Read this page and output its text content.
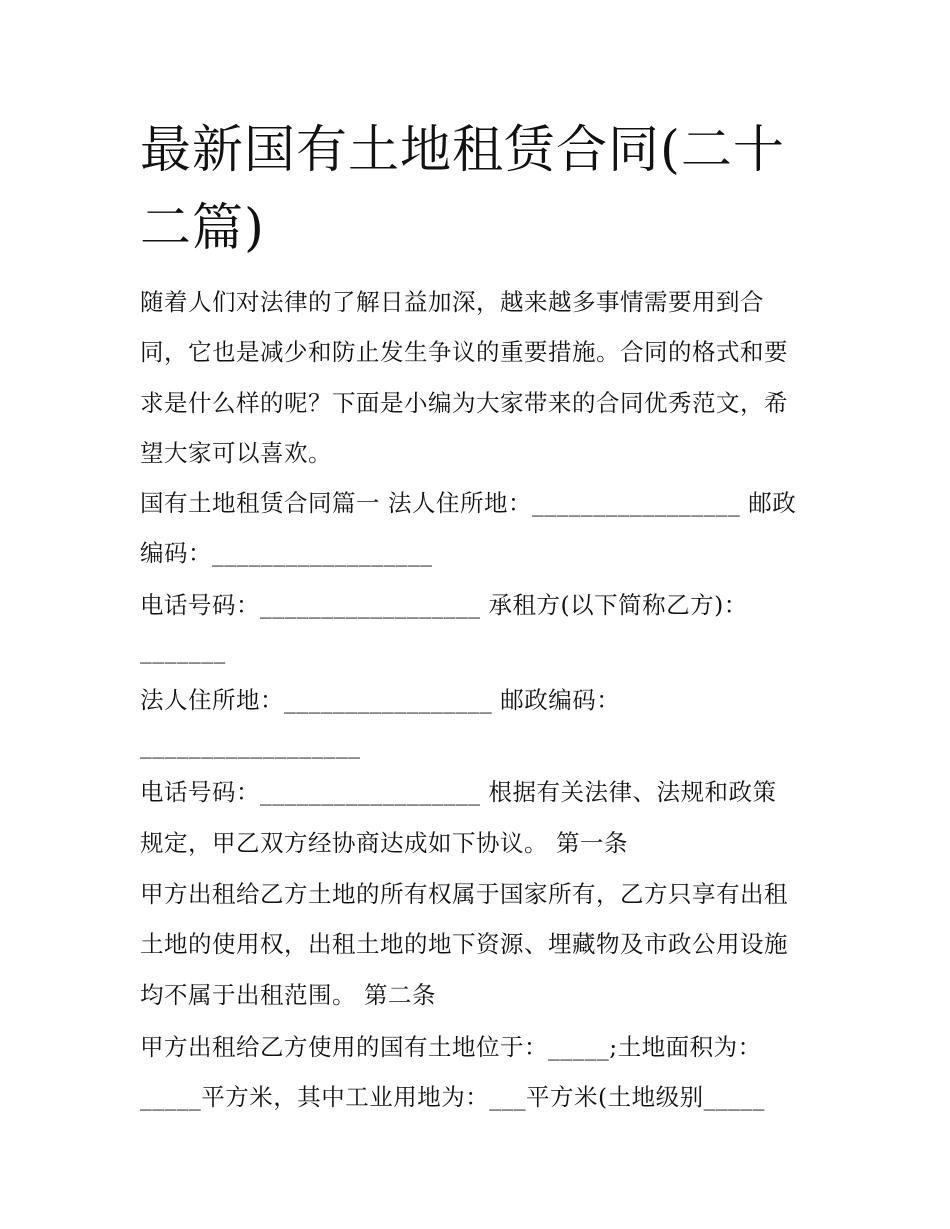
最新国有土地租赁合同(二十二篇)
随着人们对法律的了解日益加深，越来越多事情需要用到合
同，它也是减少和防止发生争议的重要措施。合同的格式和要
求是什么样的呢？下面是小编为大家带来的合同优秀范文，希
望大家可以喜欢。
国有土地租赁合同篇一 法人住所地：_________________ 邮政
编码：__________________
电话号码：__________________ 承租方(以下简称乙方)：
_______
法人住所地：_________________ 邮政编码：
__________________
电话号码：__________________ 根据有关法律、法规和政策
规定，甲乙双方经协商达成如下协议。 第一条
甲方出租给乙方土地的所有权属于国家所有，乙方只享有出租
土地的使用权，出租土地的地下资源、埋藏物及市政公用设施
均不属于出租范围。 第二条
甲方出租给乙方使用的国有土地位于：_____;土地面积为：
_____平方米，其中工业用地为：___平方米(土地级别_____
